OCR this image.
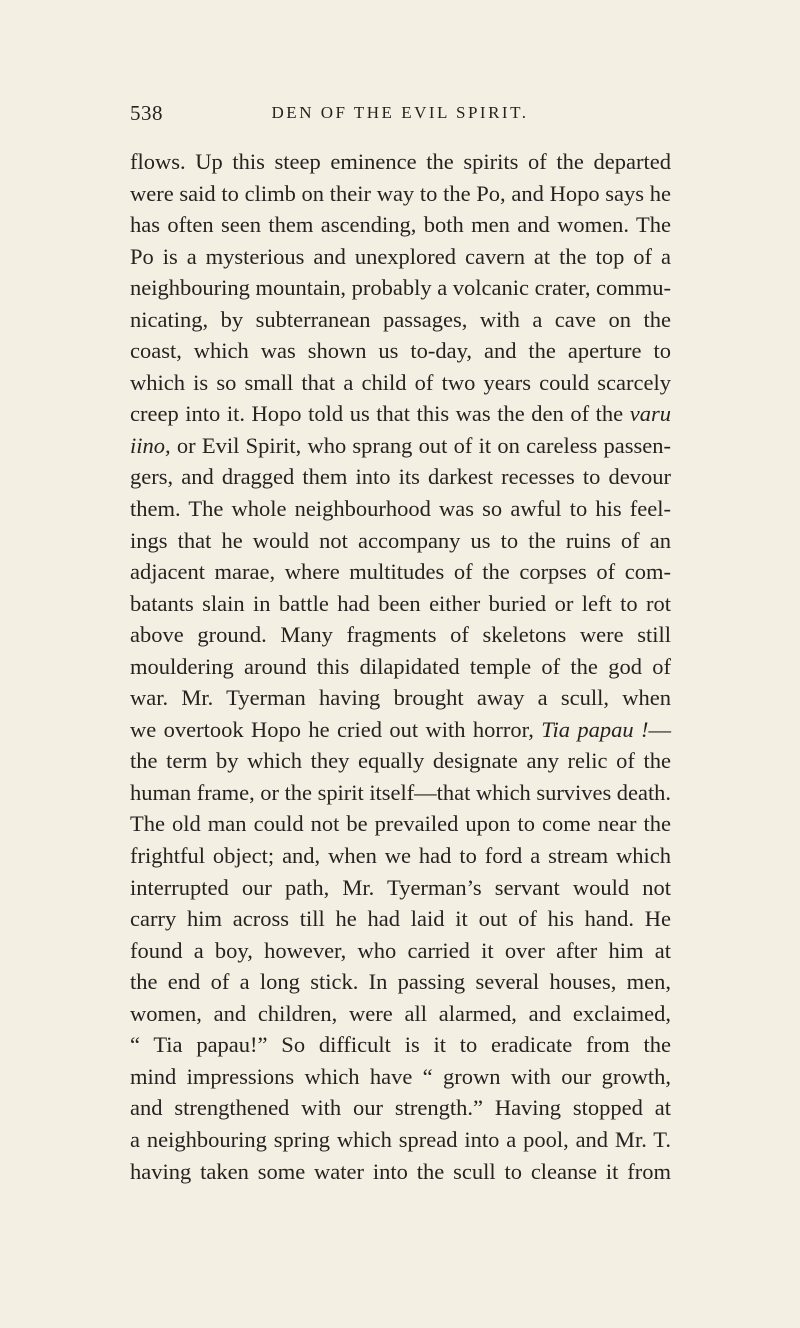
538	DEN OF THE EVIL SPIRIT.
flows. Up this steep eminence the spirits of the departed
were said to climb on their way to the Po, and Hopo says he
has often seen them ascending, both men and women. The
Po is a mysterious and unexplored cavern at the top of a
neighbouring mountain, probably a volcanic crater, commu-
nicating, by subterranean passages, with a cave on the
coast, which was shown us to-day, and the aperture to
which is so small that a child of two years could scarcely
creep into it. Hopo told us that this was the den of the varu
iino, or Evil Spirit, who sprang out of it on careless passen-
gers, and dragged them into its darkest recesses to devour
them. The whole neighbourhood was so awful to his feel-
ings that he would not accompany us to the ruins of an
adjacent marae, where multitudes of the corpses of com-
batants slain in battle had been either buried or left to rot
above ground. Many fragments of skeletons were still
mouldering around this dilapidated temple of the god of
war. Mr. Tyerman having brought away a scull, when
we overtook Hopo he cried out with horror, Tia papau !—
the term by which they equally designate any relic of the
human frame, or the spirit itself—that which survives death.
The old man could not be prevailed upon to come near the
frightful object; and, when we had to ford a stream which
interrupted our path, Mr. Tyerman’s servant would not
carry him across till he had laid it out of his hand. He
found a boy, however, who carried it over after him at
the end of a long stick. In passing several houses, men,
women, and children, were all alarmed, and exclaimed,
“ Tia papau!” So difficult is it to eradicate from the
mind impressions which have “ grown with our growth,
and strengthened with our strength.” Having stopped at
a neighbouring spring which spread into a pool, and Mr. T.
having taken some water into the scull to cleanse it from
